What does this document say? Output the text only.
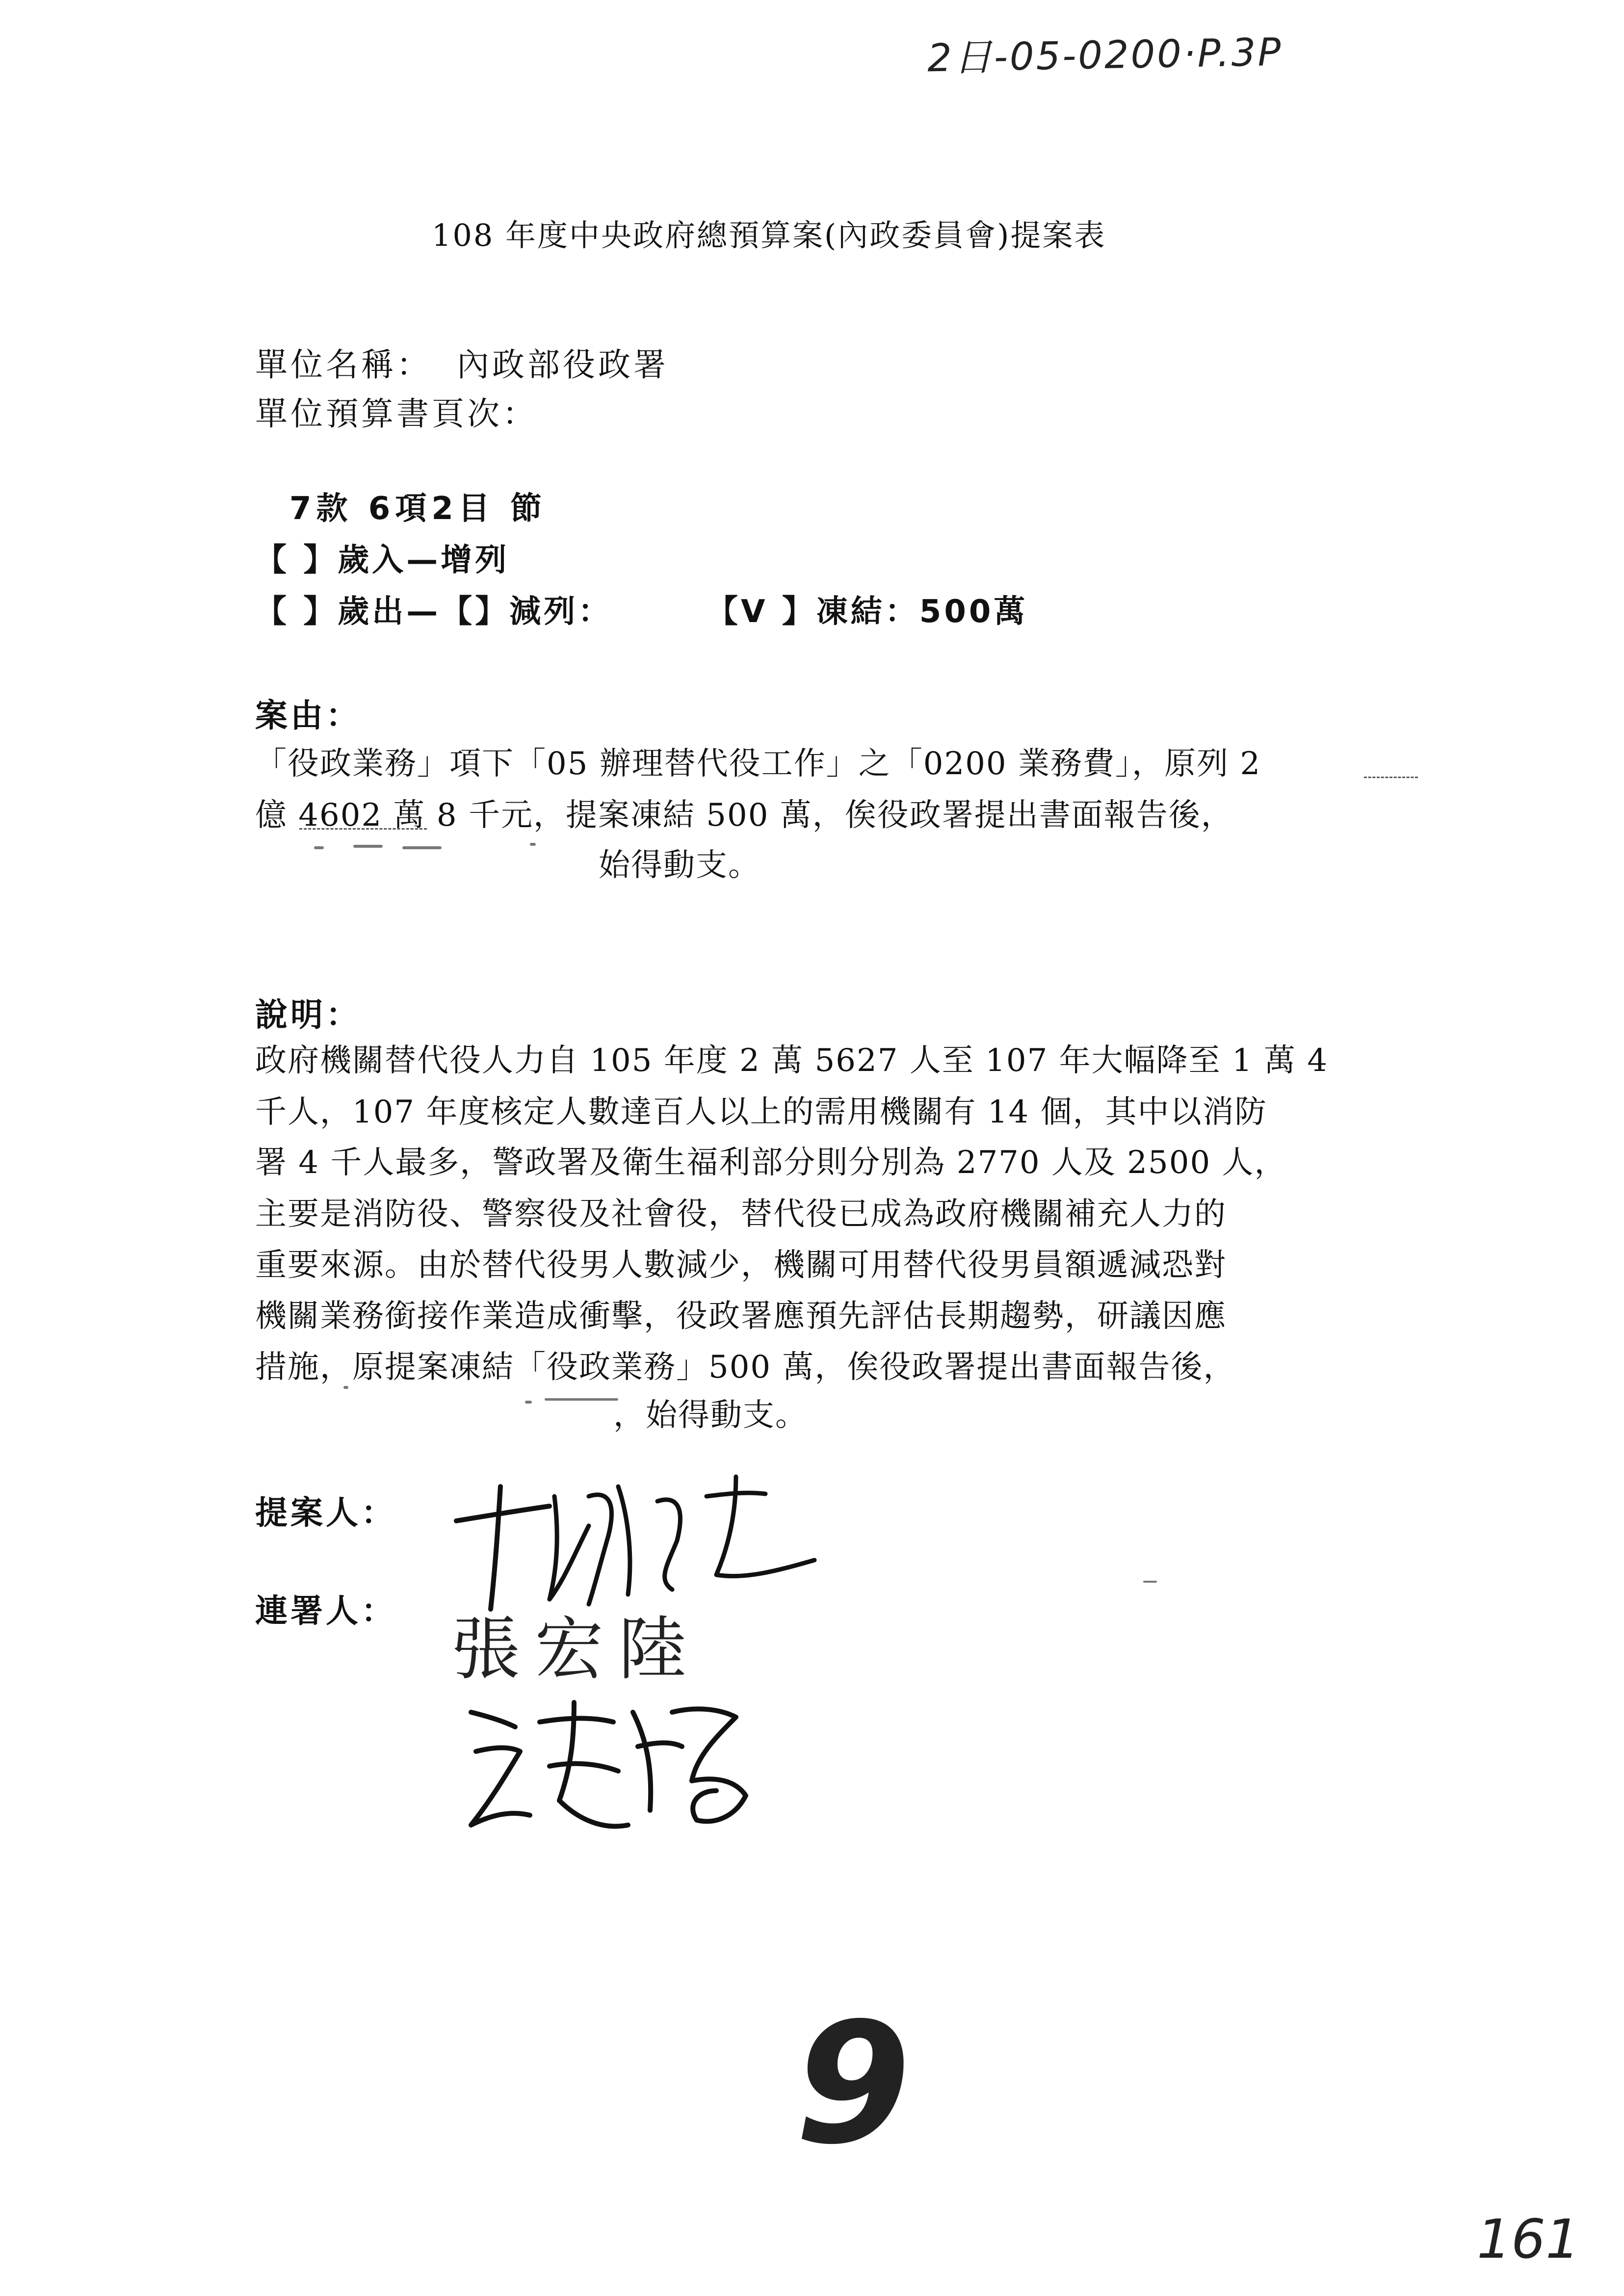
2日-05-0200·P.3P
108 年度中央政府總預算案(內政委員會)提案表
單位名稱： 內政部役政署
單位預算書頁次：
7款 6項2目 節
【 】歲入—增列
【 】歲出—【】減列：	【V 】凍結：500萬
案由：
「役政業務」項下「05 辦理替代役工作」之「0200 業務費」，原列 2
億 4602 萬 8 千元，提案凍結 500 萬，俟役政署提出書面報告後，
始得動支。
說明：
政府機關替代役人力自 105 年度 2 萬 5627 人至 107 年大幅降至 1 萬 4
千人，107 年度核定人數達百人以上的需用機關有 14 個，其中以消防
署 4 千人最多，警政署及衛生福利部分則分別為 2770 人及 2500 人，
主要是消防役、警察役及社會役，替代役已成為政府機關補充人力的
重要來源。由於替代役男人數減少，機關可用替代役男員額遞減恐對
機關業務銜接作業造成衝擊，役政署應預先評估長期趨勢，研議因應
措施，原提案凍結「役政業務」500 萬，俟役政署提出書面報告後，
，始得動支。
提案人：
連署人： 張宏陸
9
161
